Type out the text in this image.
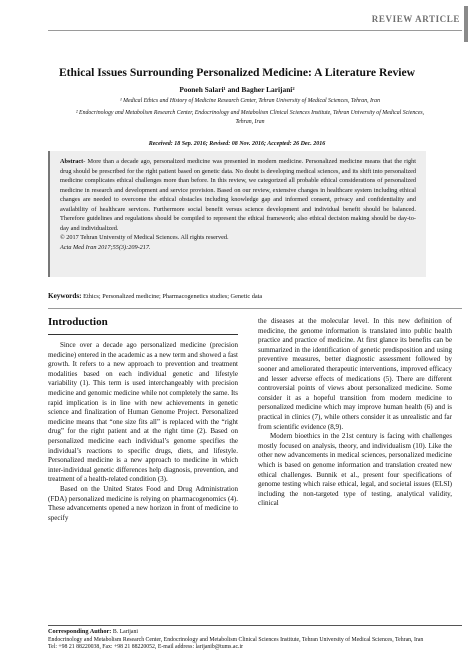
REVIEW ARTICLE
Ethical Issues Surrounding Personalized Medicine: A Literature Review
Pooneh Salari¹ and Bagher Larijani²
¹ Medical Ethics and History of Medicine Research Center, Tehran University of Medical Sciences, Tehran, Iran
² Endocrinology and Metabolism Research Center, Endocrinology and Metabolism Clinical Sciences Institute, Tehran University of Medical Sciences, Tehran, Iran
Received: 18 Sep. 2016; Revised: 08 Nov. 2016; Accepted: 26 Dec. 2016

Abstract- More than a decade ago, personalized medicine was presented in modern medicine. Personalized medicine means that the right drug should be prescribed for the right patient based on genetic data. No doubt is developing medical sciences, and its shift into personalized medicine complicates ethical challenges more than before. In this review, we categorized all probable ethical considerations of personalized medicine in research and development and service provision. Based on our review, extensive changes in healthcare system including ethical changes are needed to overcome the ethical obstacles including knowledge gap and informed consent, privacy and confidentiality and availability of healthcare services. Furthermore social benefit versus science development and individual benefit should be balanced. Therefore guidelines and regulations should be compiled to represent the ethical framework; also ethical decision making should be day-to-day and individualized.

© 2017 Tehran University of Medical Sciences. All rights reserved.

Acta Med Iran 2017;55(3):209-217.

Keywords: Ethics; Personalized medicine; Pharmacogenetics studies; Genetic data
Introduction

Since over a decade ago personalized medicine (precision medicine) entered in the academic as a new term and showed a fast growth. It refers to a new approach to prevention and treatment modalities based on each individual genetic and lifestyle variability (1). This term is used interchangeably with precision medicine and genomic medicine while not completely the same. Its rapid implication is in line with new achievements in genetic science and finalization of Human Genome Project. Personalized medicine means that “one size fits all” is replaced with the “right drug” for the right patient and at the right time (2). Based on personalized medicine each individual’s genome specifies the individual’s reactions to specific drugs, diets, and lifestyle. Personalized medicine is a new approach to medicine in which inter-individual genetic differences help diagnosis, prevention, and treatment of a health-related condition (3).

Based on the United States Food and Drug Administration (FDA) personalized medicine is relying on pharmacogenomics (4). These advancements opened a new horizon in front of medicine to specify

the diseases at the molecular level. In this new definition of medicine, the genome information is translated into public health practice and practice of medicine. At first glance its benefits can be summarized in the identification of genetic predisposition and using preventive measures, better diagnostic assessment followed by sooner and ameliorated therapeutic interventions, improved efficacy and lesser adverse effects of medications (5). There are different controversial points of views about personalized medicine. Some consider it as a hopeful transition from modern medicine to personalized medicine which may improve human health (6) and is practical in clinics (7), while others consider it as unrealistic and far from scientific evidence (8,9).

Modern bioethics in the 21st century is facing with challenges mostly focused on analysis, theory, and individualism (10). Like the other new advancements in medical sciences, personalized medicine which is based on genome information and translation created new ethical challenges. Bunnik et al., present four specifications of genome testing which raise ethical, legal, and societal issues (ELSI) including the non-targeted type of testing, analytical validity, clinical

Corresponding Author: B. Larijani
Endocrinology and Metabolism Research Center, Endocrinology and Metabolism Clinical Sciences Institute, Tehran University of Medical Sciences, Tehran, Iran
Tel: +98 21 88220038, Fax: +98 21 88220052, E-mail address: larijanib@tums.ac.ir
